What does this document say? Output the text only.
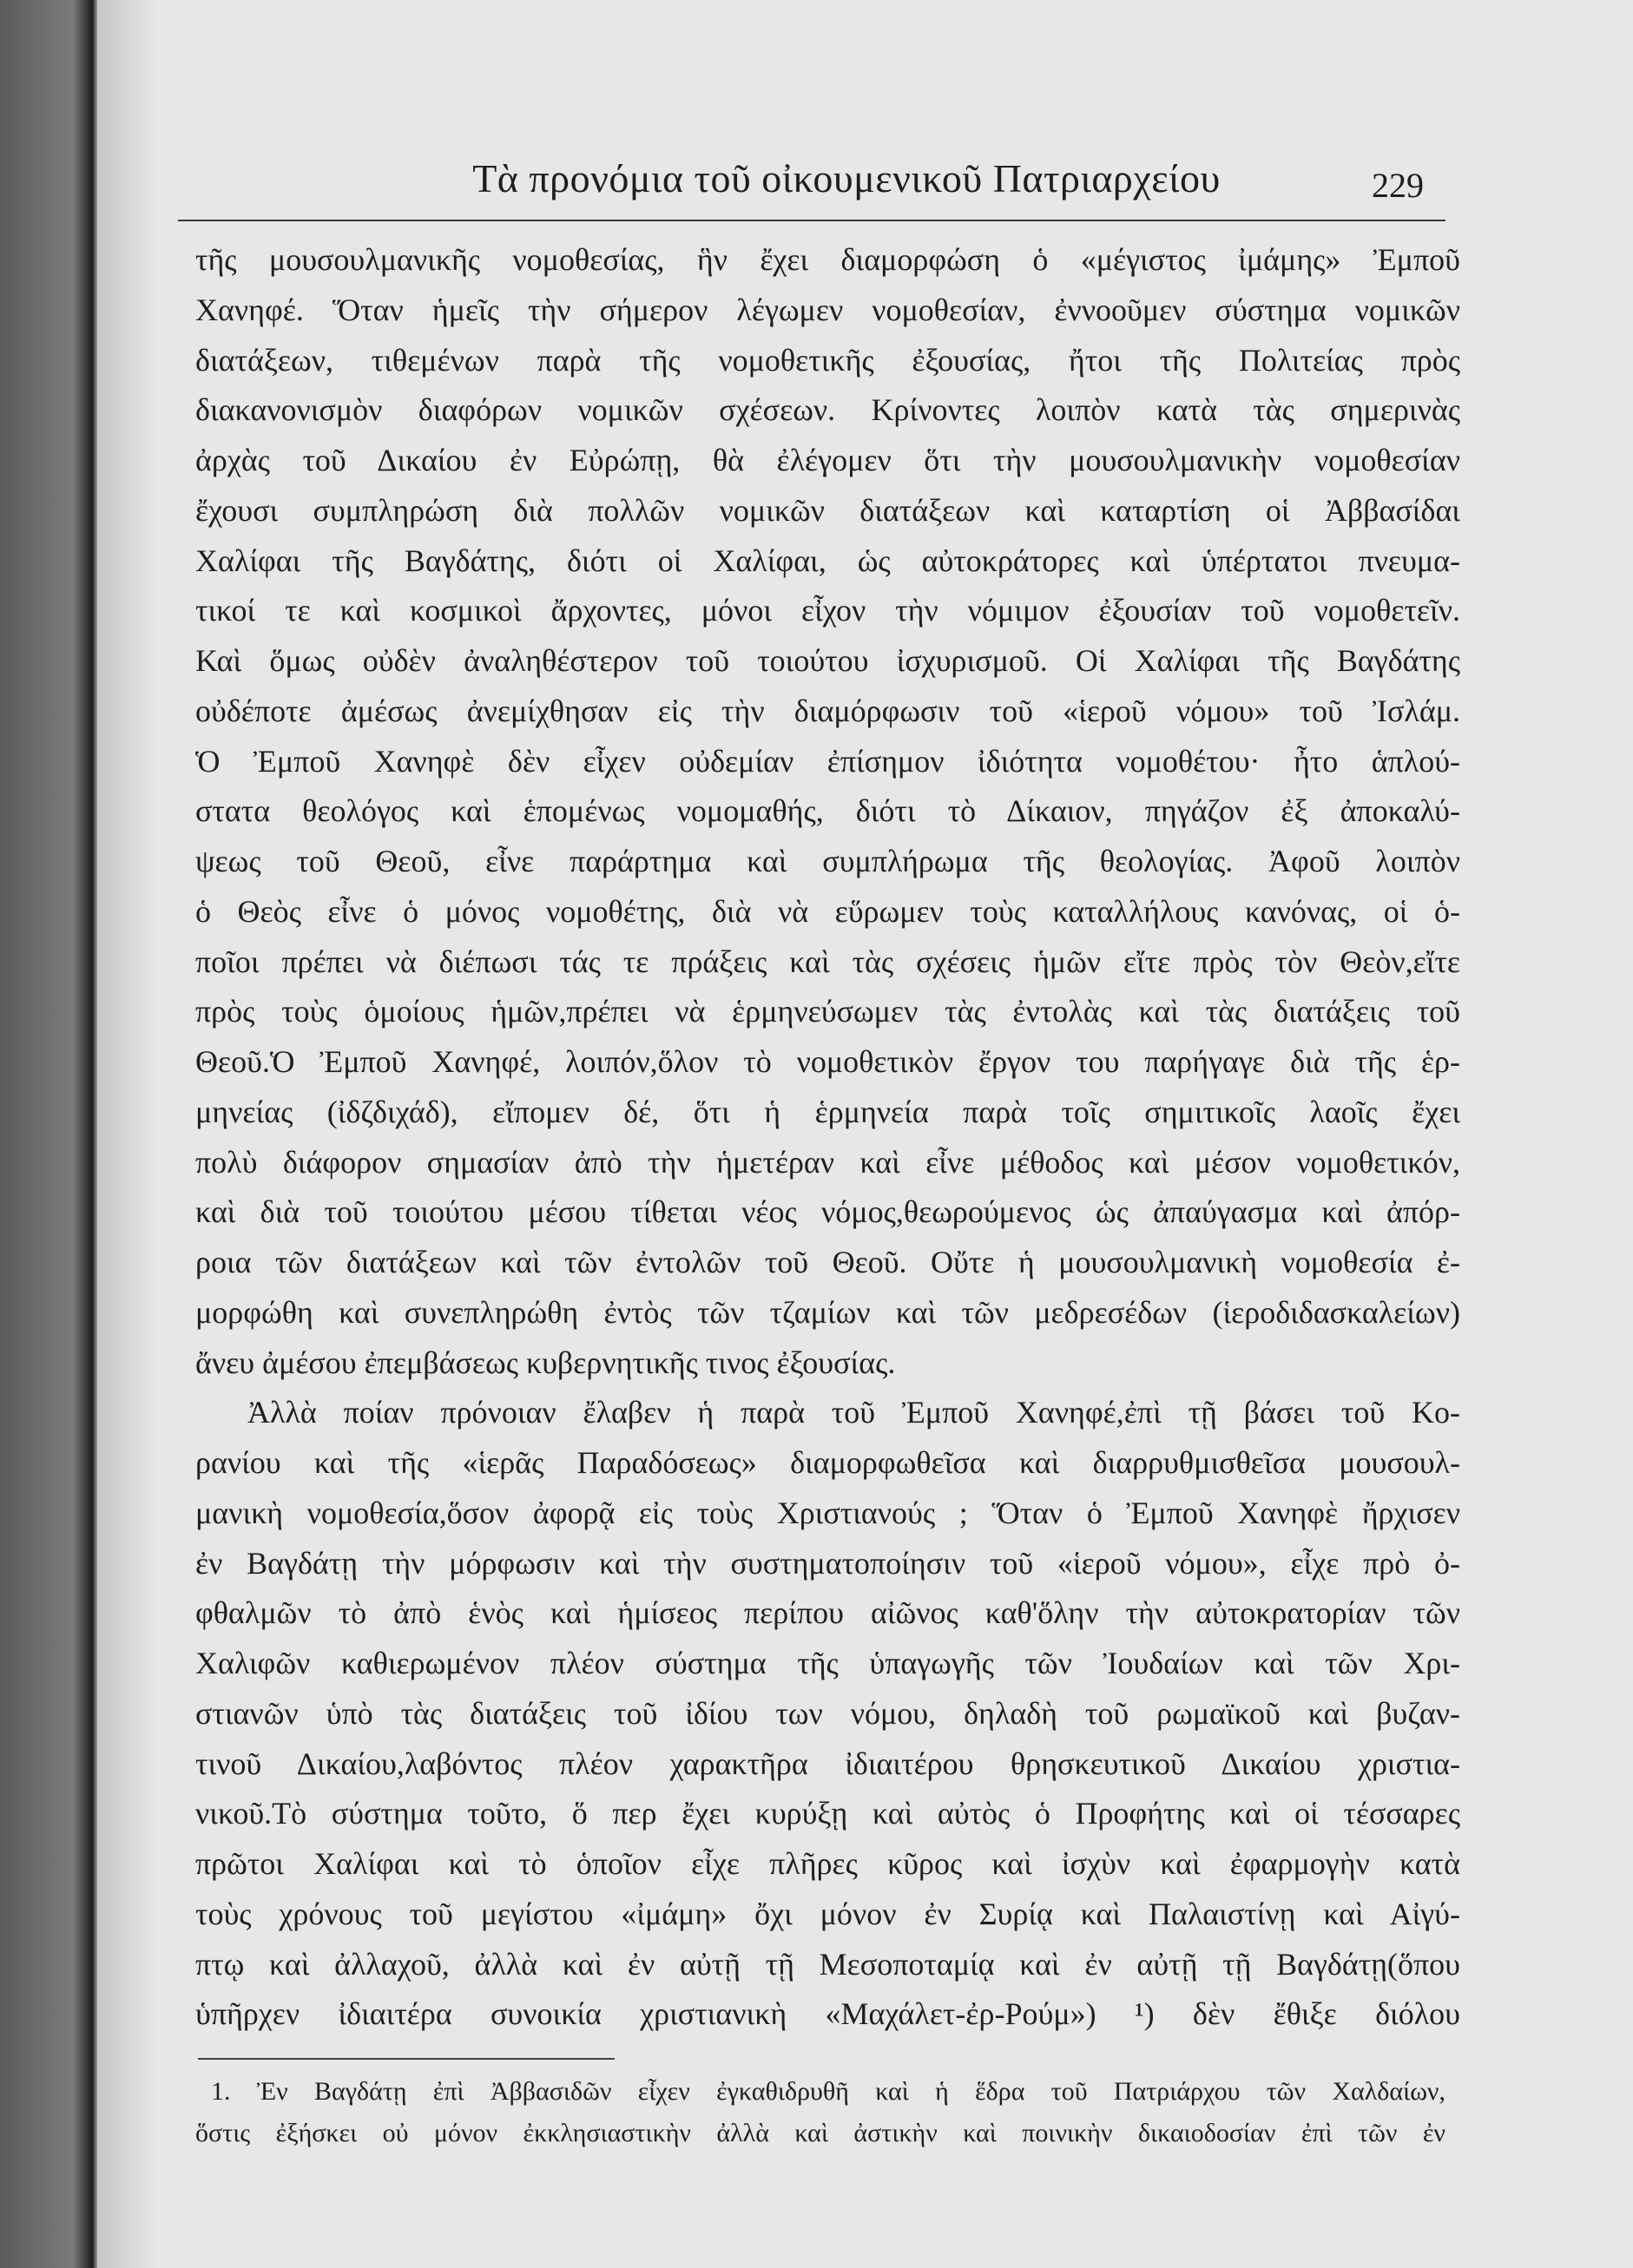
Τὰ προνόμια τοῦ οἰκουμενικοῦ Πατριαρχείου	229
τῆς μουσουλμανικῆς νομοθεσίας, ἣν ἔχει διαμορφώση ὁ «μέγιστος ἰμάμης» Ἐμποῦ
Χανηφέ. Ὅταν ἡμεῖς τὴν σήμερον λέγωμεν νομοθεσίαν, ἐννοοῦμεν σύστημα νομικῶν
διατάξεων, τιθεμένων παρὰ τῆς νομοθετικῆς ἐξουσίας, ἤτοι τῆς Πολιτείας πρὸς
διακανονισμὸν διαφόρων νομικῶν σχέσεων. Κρίνοντες λοιπὸν κατὰ τὰς σημερινὰς
ἀρχὰς τοῦ Δικαίου ἐν Εὐρώπῃ, θὰ ἐλέγομεν ὅτι τὴν μουσουλμανικὴν νομοθεσίαν
ἔχουσι συμπληρώση διὰ πολλῶν νομικῶν διατάξεων καὶ καταρτίση οἱ Ἀββασίδαι
Χαλίφαι τῆς Βαγδάτης, διότι οἱ Χαλίφαι, ὡς αὐτοκράτορες καὶ ὑπέρτατοι πνευμα-
τικοί τε καὶ κοσμικοὶ ἄρχοντες, μόνοι εἶχον τὴν νόμιμον ἐξουσίαν τοῦ νομοθετεῖν.
Καὶ ὅμως οὐδὲν ἀναληθέστερον τοῦ τοιούτου ἰσχυρισμοῦ. Οἱ Χαλίφαι τῆς Βαγδάτης
οὐδέποτε ἀμέσως ἀνεμίχθησαν εἰς τὴν διαμόρφωσιν τοῦ «ἱεροῦ νόμου» τοῦ Ἰσλάμ.
Ὁ Ἐμποῦ Χανηφὲ δὲν εἶχεν οὐδεμίαν ἐπίσημον ἰδιότητα νομοθέτου· ἦτο ἁπλού-
στατα θεολόγος καὶ ἑπομένως νομομαθής, διότι τὸ Δίκαιον, πηγάζον ἐξ ἀποκαλύ-
ψεως τοῦ Θεοῦ, εἶνε παράρτημα καὶ συμπλήρωμα τῆς θεολογίας. Ἀφοῦ λοιπὸν
ὁ Θεὸς εἶνε ὁ μόνος νομοθέτης, διὰ νὰ εὕρωμεν τοὺς καταλλήλους κανόνας, οἱ ὁ-
ποῖοι πρέπει νὰ διέπωσι τάς τε πράξεις καὶ τὰς σχέσεις ἡμῶν εἴτε πρὸς τὸν Θεὸν,εἴτε
πρὸς τοὺς ὁμοίους ἡμῶν,πρέπει νὰ ἑρμηνεύσωμεν τὰς ἐντολὰς καὶ τὰς διατάξεις τοῦ
Θεοῦ.Ὁ Ἐμποῦ Χανηφέ, λοιπόν,ὅλον τὸ νομοθετικὸν ἔργον του παρήγαγε διὰ τῆς ἑρ-
μηνείας (ἰδζδιχάδ), εἴπομεν δέ, ὅτι ἡ ἑρμηνεία παρὰ τοῖς σημιτικοῖς λαοῖς ἔχει
πολὺ διάφορον σημασίαν ἀπὸ τὴν ἡμετέραν καὶ εἶνε μέθοδος καὶ μέσον νομοθετικόν,
καὶ διὰ τοῦ τοιούτου μέσου τίθεται νέος νόμος,θεωρούμενος ὡς ἀπαύγασμα καὶ ἀπόρ-
ροια τῶν διατάξεων καὶ τῶν ἐντολῶν τοῦ Θεοῦ. Οὔτε ἡ μουσουλμανικὴ νομοθεσία ἐ-
μορφώθη καὶ συνεπληρώθη ἐντὸς τῶν τζαμίων καὶ τῶν μεδρεσέδων (ἱεροδιδασκαλείων)
ἄνευ ἀμέσου ἐπεμβάσεως κυβερνητικῆς τινος ἐξουσίας.
Ἀλλὰ ποίαν πρόνοιαν ἔλαβεν ἡ παρὰ τοῦ Ἐμποῦ Χανηφέ,ἐπὶ τῇ βάσει τοῦ Κο-
ρανίου καὶ τῆς «ἱερᾶς Παραδόσεως» διαμορφωθεῖσα καὶ διαρρυθμισθεῖσα μουσουλ-
μανικὴ νομοθεσία,ὅσον ἀφορᾷ εἰς τοὺς Χριστιανούς ; Ὅταν ὁ Ἐμποῦ Χανηφὲ ἤρχισεν
ἐν Βαγδάτῃ τὴν μόρφωσιν καὶ τὴν συστηματοποίησιν τοῦ «ἱεροῦ νόμου», εἶχε πρὸ ὀ-
φθαλμῶν τὸ ἀπὸ ἑνὸς καὶ ἡμίσεος περίπου αἰῶνος καθ'ὅλην τὴν αὐτοκρατορίαν τῶν
Χαλιφῶν καθιερωμένον πλέον σύστημα τῆς ὑπαγωγῆς τῶν Ἰουδαίων καὶ τῶν Χρι-
στιανῶν ὑπὸ τὰς διατάξεις τοῦ ἰδίου των νόμου, δηλαδὴ τοῦ ρωμαϊκοῦ καὶ βυζαν-
τινοῦ Δικαίου,λαβόντος πλέον χαρακτῆρα ἰδιαιτέρου θρησκευτικοῦ Δικαίου χριστια-
νικοῦ.Τὸ σύστημα τοῦτο, ὅ περ ἔχει κυρύξῃ καὶ αὐτὸς ὁ Προφήτης καὶ οἱ τέσσαρες
πρῶτοι Χαλίφαι καὶ τὸ ὁποῖον εἶχε πλῆρες κῦρος καὶ ἰσχὺν καὶ ἐφαρμογὴν κατὰ
τοὺς χρόνους τοῦ μεγίστου «ἰμάμη» ὄχι μόνον ἐν Συρίᾳ καὶ Παλαιστίνῃ καὶ Αἰγύ-
πτῳ καὶ ἀλλαχοῦ, ἀλλὰ καὶ ἐν αὐτῇ τῇ Μεσοποταμίᾳ καὶ ἐν αὐτῇ τῇ Βαγδάτῃ(ὅπου
ὑπῆρχεν ἰδιαιτέρα συνοικία χριστιανικὴ «Μαχάλετ-ἐρ-Ρούμ») ¹) δὲν ἔθιξε διόλου
1. Ἐν Βαγδάτῃ ἐπὶ Ἀββασιδῶν εἶχεν ἐγκαθιδρυθῆ καὶ ἡ ἕδρα τοῦ Πατριάρχου τῶν Χαλδαίων,
ὅστις ἐξήσκει οὐ μόνον ἐκκλησιαστικὴν ἀλλὰ καὶ ἀστικὴν καὶ ποινικὴν δικαιοδοσίαν ἐπὶ τῶν ἐν
